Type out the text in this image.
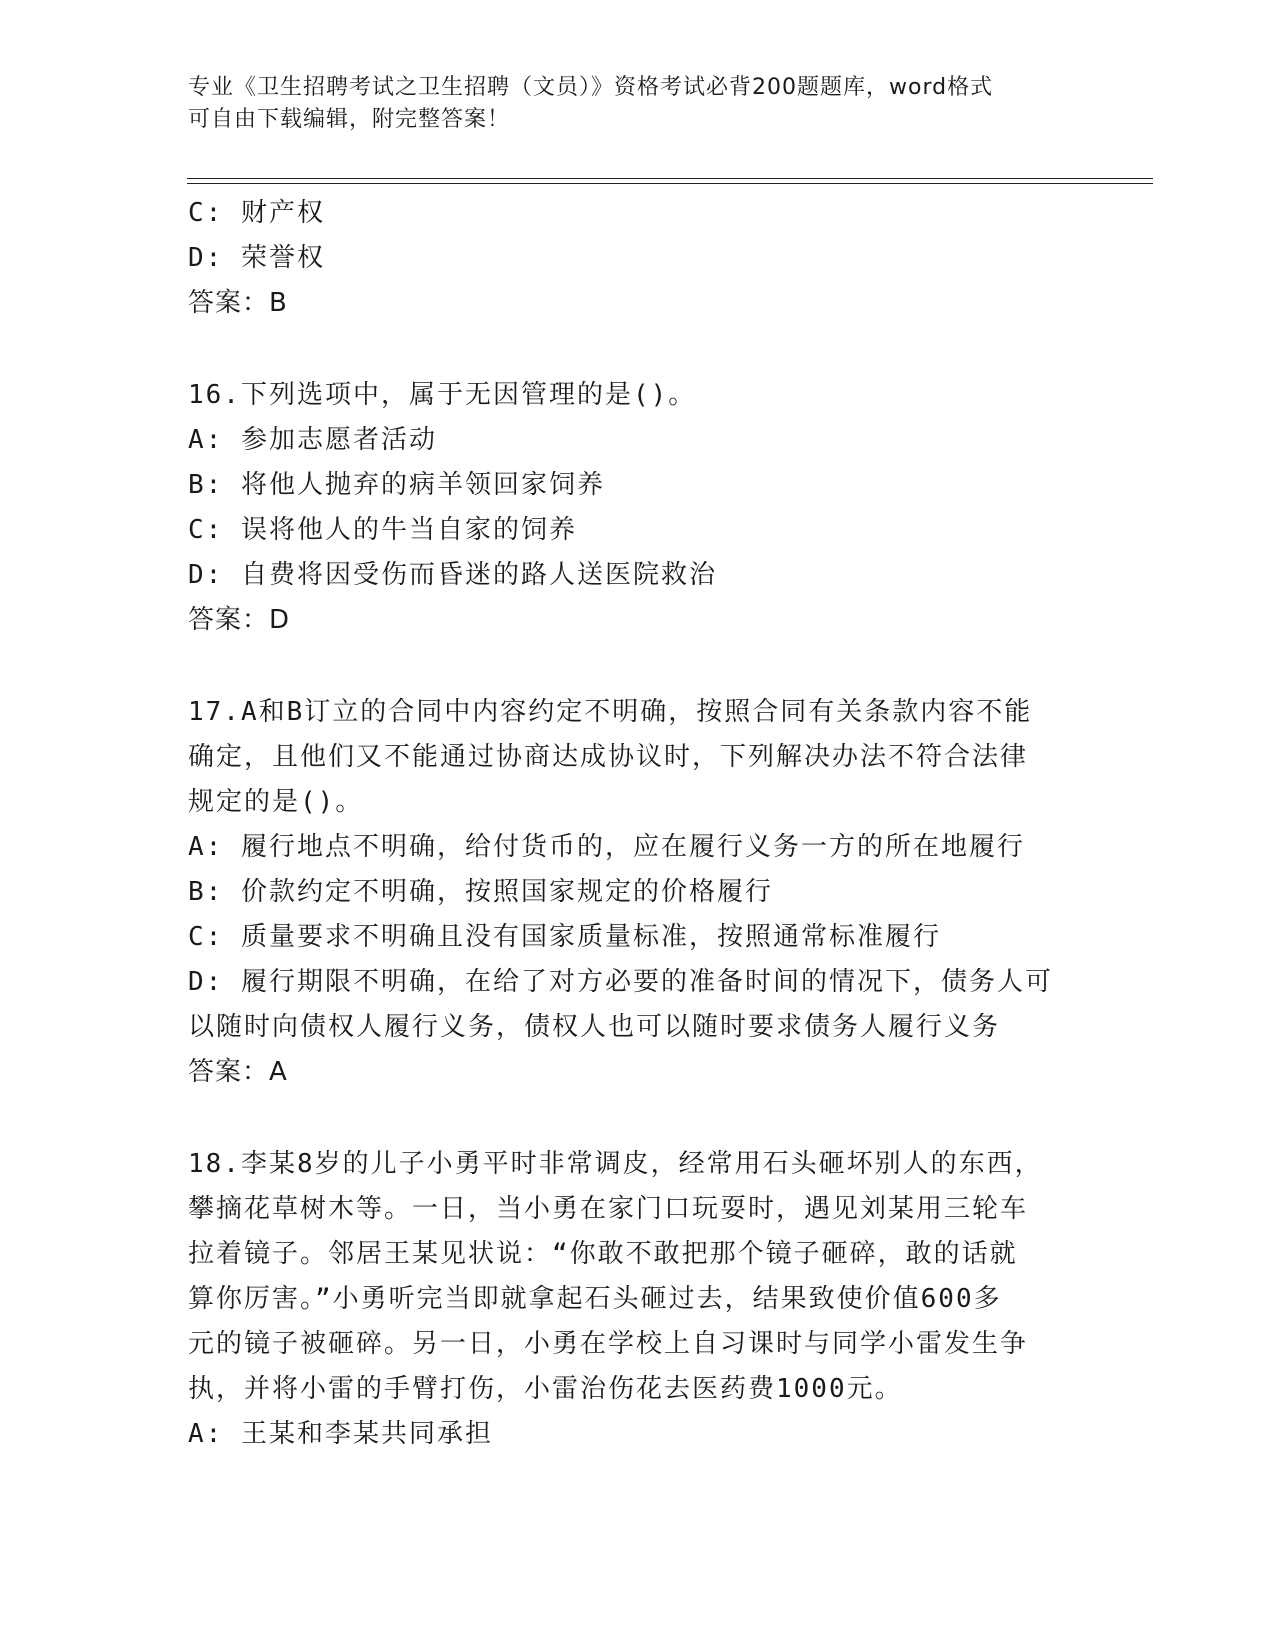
专业《卫生招聘考试之卫生招聘（文员）》资格考试必背200题题库，word格式
可自由下载编辑，附完整答案！
C: 财产权
D: 荣誉权
答案：B
16.下列选项中，属于无因管理的是()。
A: 参加志愿者活动
B: 将他人抛弃的病羊领回家饲养
C: 误将他人的牛当自家的饲养
D: 自费将因受伤而昏迷的路人送医院救治
答案：D
17.A和B订立的合同中内容约定不明确，按照合同有关条款内容不能
确定，且他们又不能通过协商达成协议时，下列解决办法不符合法律
规定的是()。
A: 履行地点不明确，给付货币的，应在履行义务一方的所在地履行
B: 价款约定不明确，按照国家规定的价格履行
C: 质量要求不明确且没有国家质量标准，按照通常标准履行
D: 履行期限不明确，在给了对方必要的准备时间的情况下，债务人可
以随时向债权人履行义务，债权人也可以随时要求债务人履行义务
答案：A
18.李某8岁的儿子小勇平时非常调皮，经常用石头砸坏别人的东西，
攀摘花草树木等。一日，当小勇在家门口玩耍时，遇见刘某用三轮车
拉着镜子。邻居王某见状说：“你敢不敢把那个镜子砸碎，敢的话就
算你厉害。”小勇听完当即就拿起石头砸过去，结果致使价值600多
元的镜子被砸碎。另一日，小勇在学校上自习课时与同学小雷发生争
执，并将小雷的手臂打伤，小雷治伤花去医药费1000元。
A: 王某和李某共同承担
